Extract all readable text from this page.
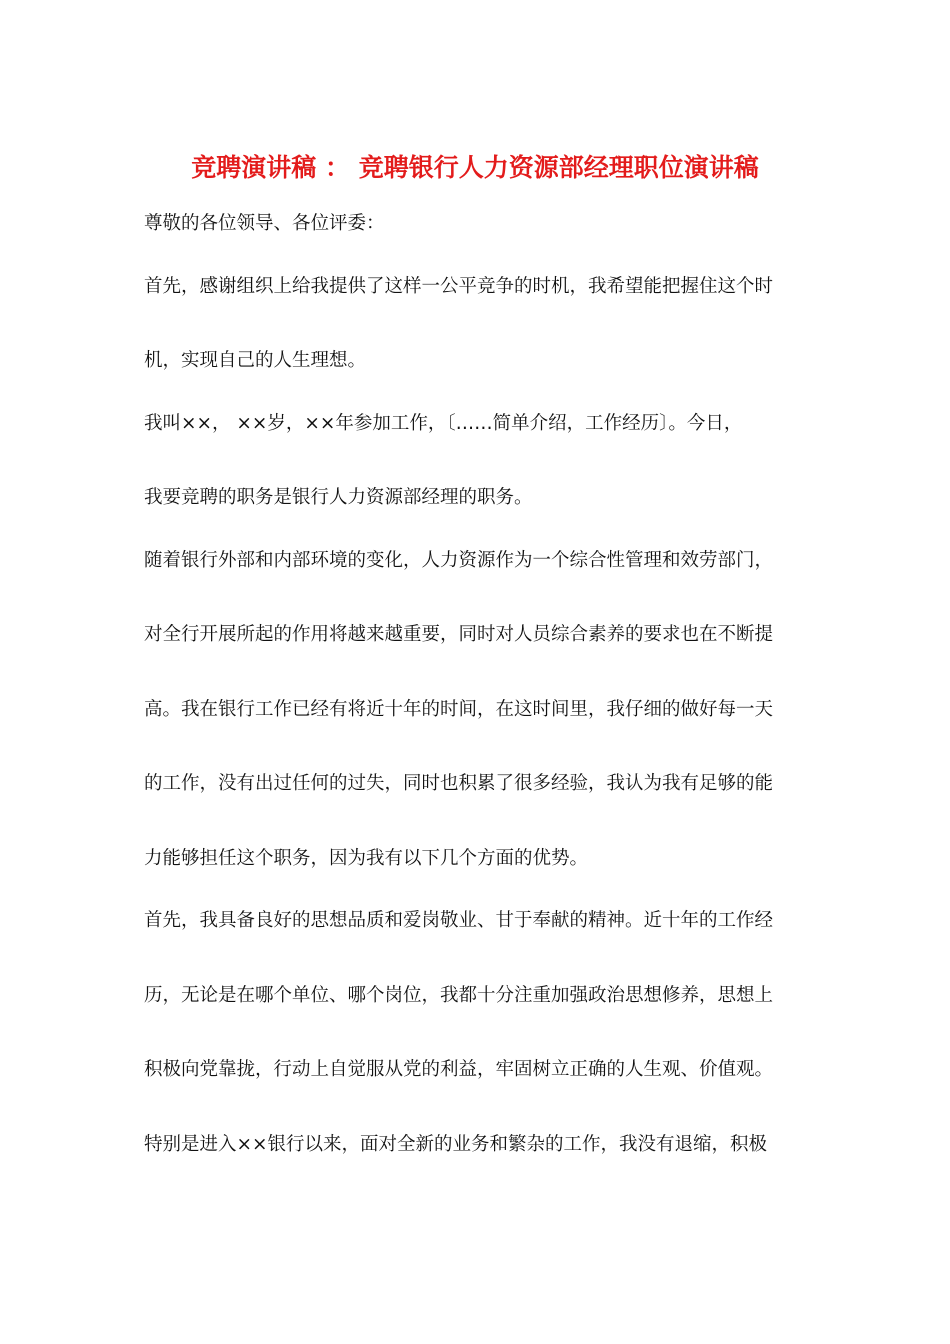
竞聘演讲稿 ： 竞聘银行人力资源部经理职位演讲稿
尊敬的各位领导、各位评委：
首先，感谢组织上给我提供了这样一公平竞争的时机，我希望能把握住这个时
机，实现自己的人生理想。
我叫××， ××岁，××年参加工作，〔……简单介绍，工作经历〕。今日，
我要竞聘的职务是银行人力资源部经理的职务。
随着银行外部和内部环境的变化，人力资源作为一个综合性管理和效劳部门，
对全行开展所起的作用将越来越重要，同时对人员综合素养的要求也在不断提
高。我在银行工作已经有将近十年的时间，在这时间里，我仔细的做好每一天
的工作，没有出过任何的过失，同时也积累了很多经验，我认为我有足够的能
力能够担任这个职务，因为我有以下几个方面的优势。
首先，我具备良好的思想品质和爱岗敬业、甘于奉献的精神。近十年的工作经
历，无论是在哪个单位、哪个岗位，我都十分注重加强政治思想修养，思想上
积极向党靠拢，行动上自觉服从党的利益，牢固树立正确的人生观、价值观。
特别是进入××银行以来，面对全新的业务和繁杂的工作，我没有退缩，积极
